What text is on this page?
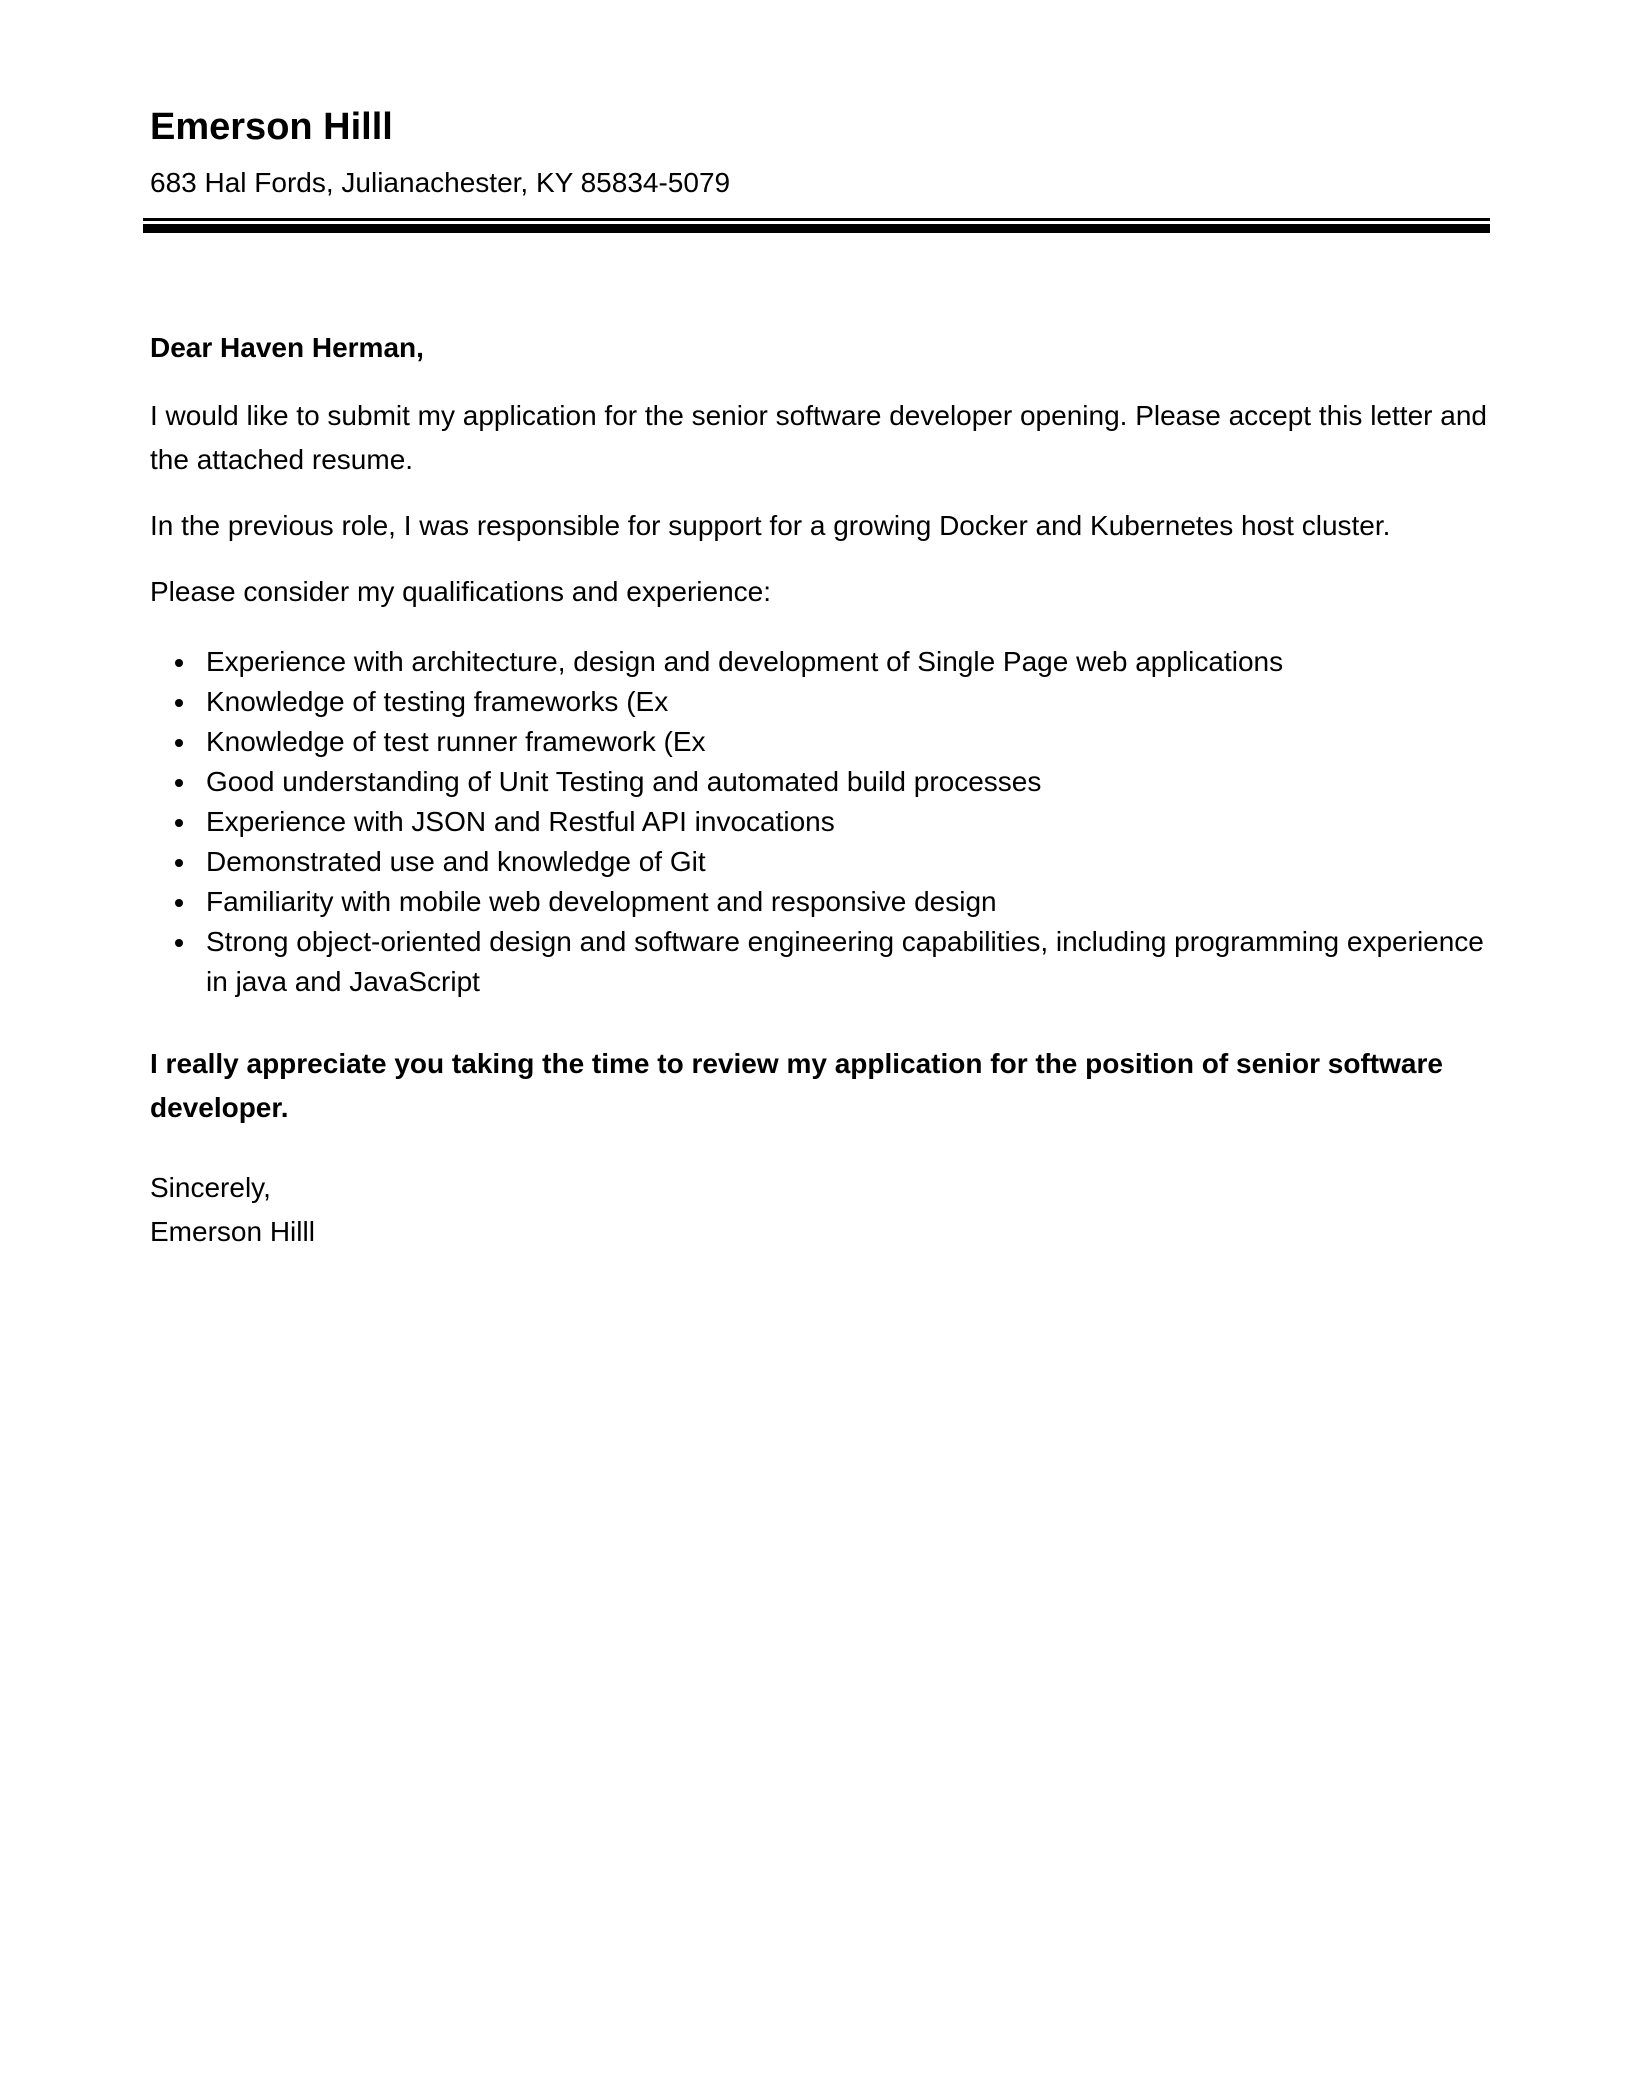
Emerson Hilll

683 Hal Fords, Julianachester, KY 85834-5079

Dear Haven Herman,

I would like to submit my application for the senior software developer opening. Please accept this letter and the attached resume.

In the previous role, I was responsible for support for a growing Docker and Kubernetes host cluster.

Please consider my qualifications and experience:

• Experience with architecture, design and development of Single Page web applications
• Knowledge of testing frameworks (Ex
• Knowledge of test runner framework (Ex
• Good understanding of Unit Testing and automated build processes
• Experience with JSON and Restful API invocations
• Demonstrated use and knowledge of Git
• Familiarity with mobile web development and responsive design
• Strong object-oriented design and software engineering capabilities, including programming experience in java and JavaScript

I really appreciate you taking the time to review my application for the position of senior software developer.

Sincerely,

Emerson Hilll
